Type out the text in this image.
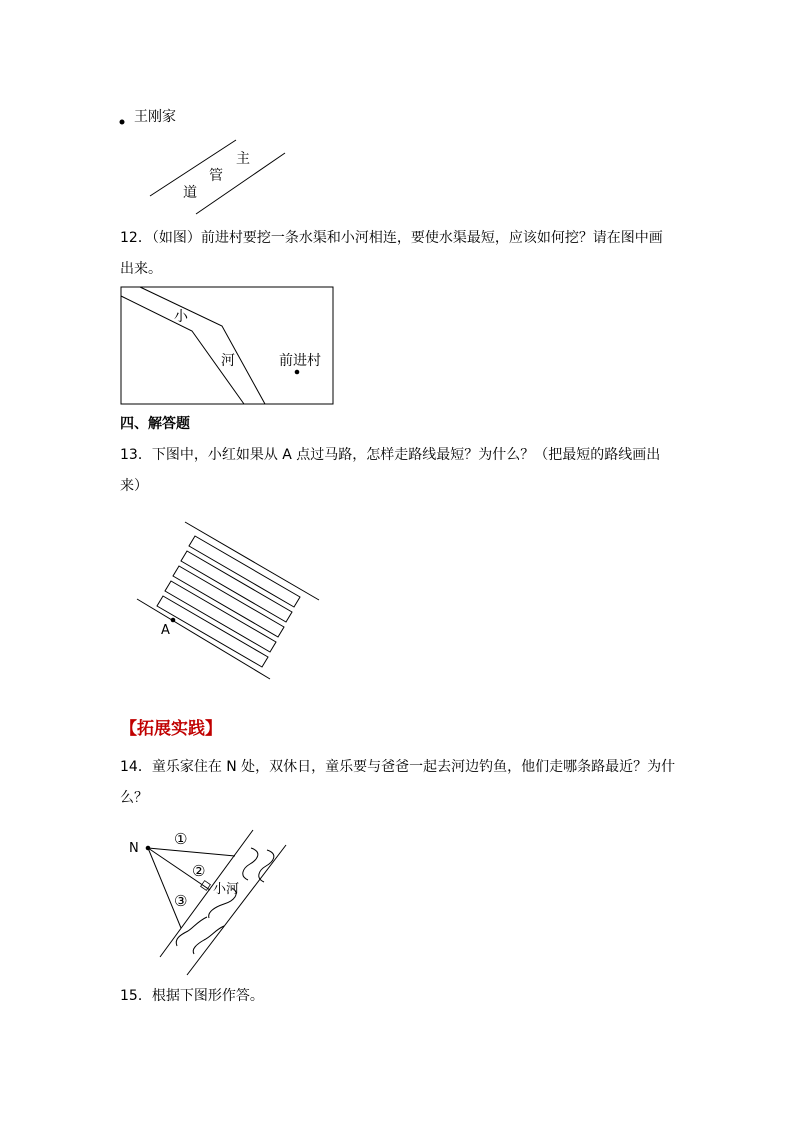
主
管
道
王刚家
12．（如图）前进村要挖一条水渠和小河相连，要使水渠最短，应该如何挖？请在图中画
出来。
小
河	前进村
四、解答题
13．下图中，小红如果从 A 点过马路，怎样走路线最短？为什么？（把最短的路线画出
来）
A
【拓展实践】
14．童乐家住在 N 处，双休日，童乐要与爸爸一起去河边钓鱼，他们走哪条路最近？为什
么？
N
①
②
③
小河
15．根据下图形作答。
